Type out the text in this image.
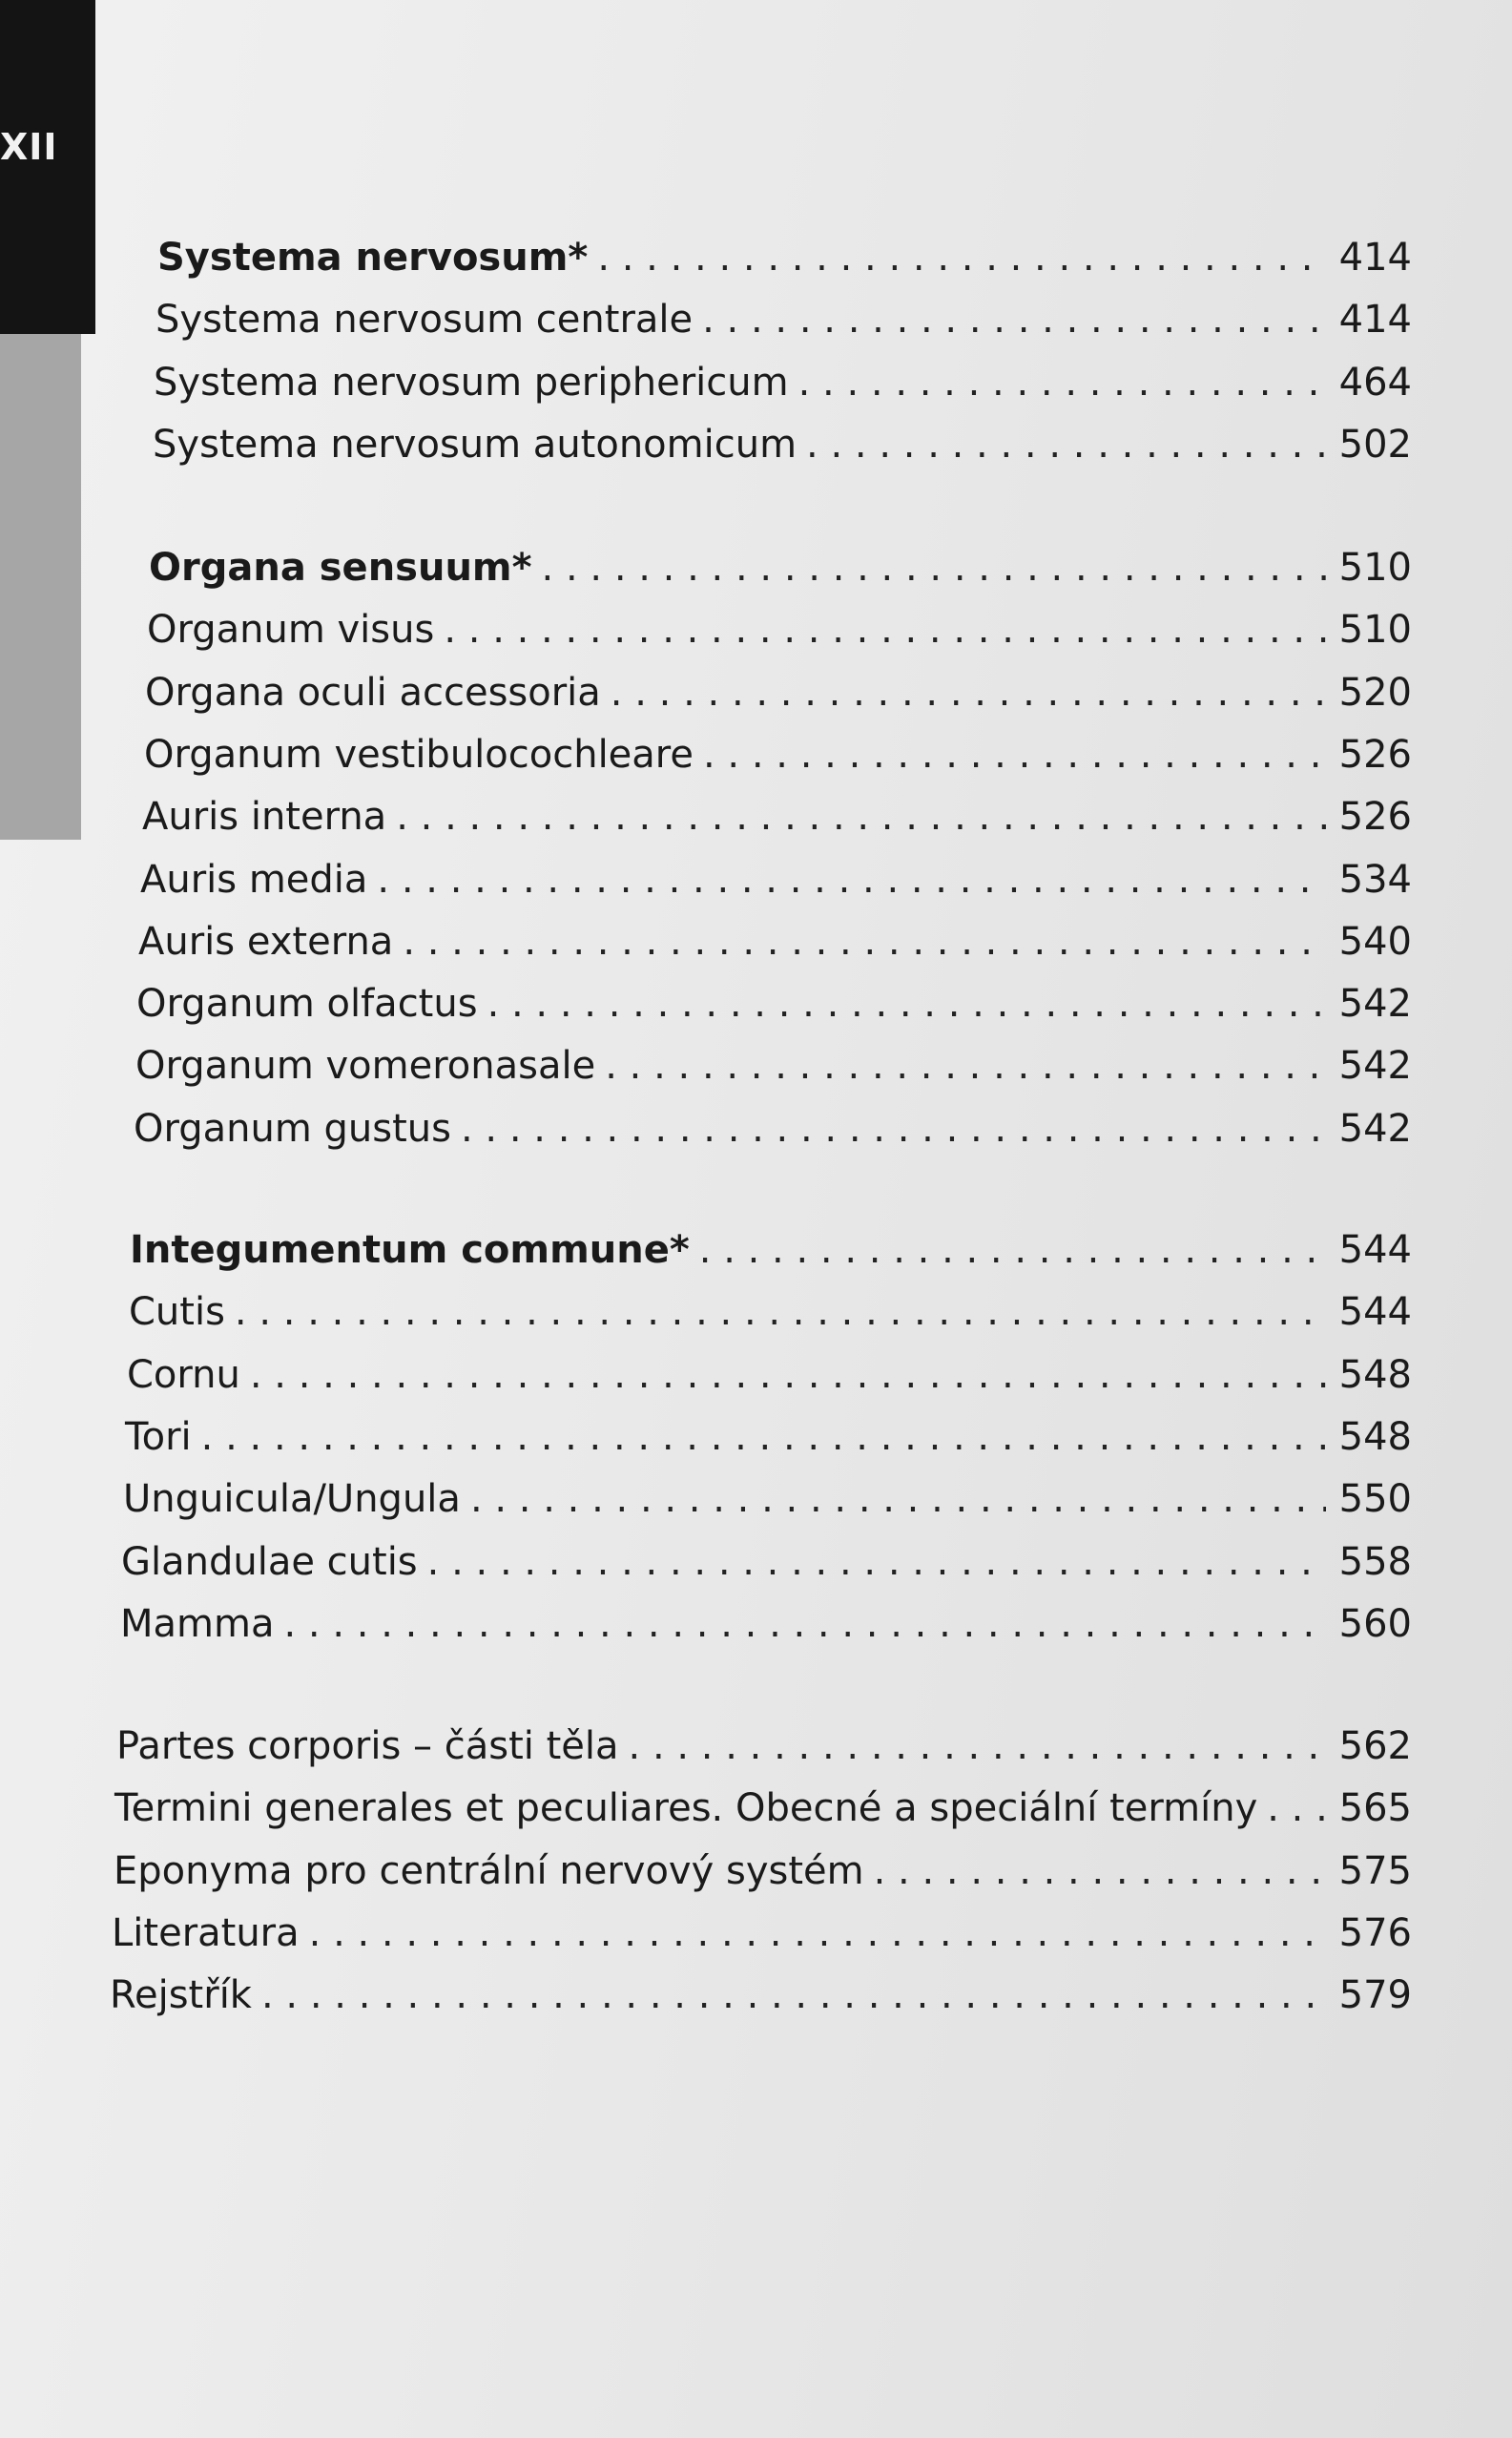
XII
Systema nervosum* . . .	414
Systema nervosum centrale . . .	414
Systema nervosum periphericum . . .	464
Systema nervosum autonomicum . . .	502
Organa sensuum* . . .	510
Organum visus . . .	510
Organa oculi accessoria . . .	520
Organum vestibulocochleare . . .	526
Auris interna . . .	526
Auris media . . .	534
Auris externa . . .	540
Organum olfactus . . .	542
Organum vomeronasale . . .	542
Organum gustus . . .	542
Integumentum commune* . . .	544
Cutis . . .	544
Cornu . . .	548
Tori . . .	548
Unguicula/Ungula . . .	550
Glandulae cutis . . .	558
Mamma . . .	560
Partes corporis – části těla . . .	562
Termini generales et peculiares. Obecné a speciální termíny . . . 565
Eponyma pro centrální nervový systém . . .	575
Literatura . . .	576
Rejstřík . . .	579
